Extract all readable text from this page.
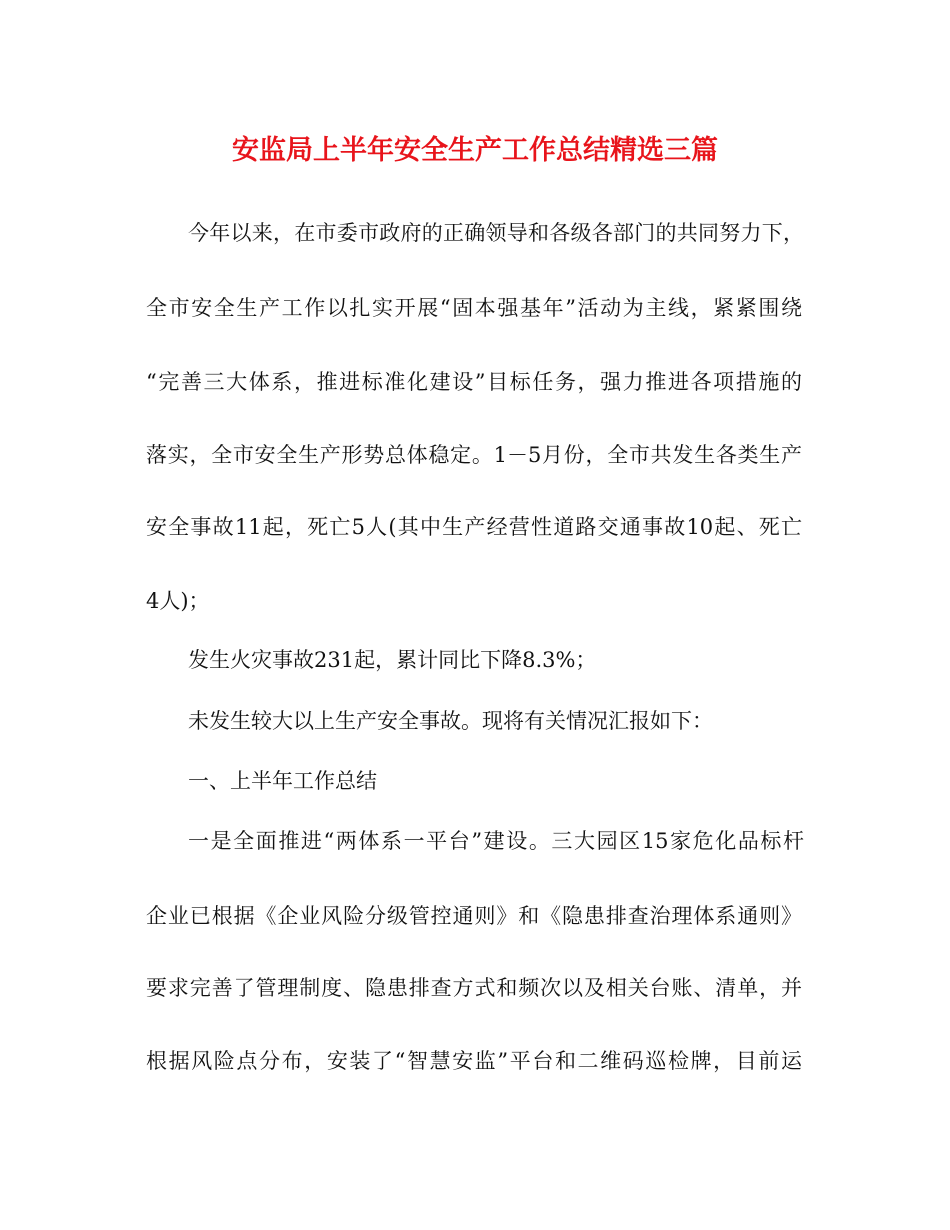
安监局上半年安全生产工作总结精选三篇
今年以来，在市委市政府的正确领导和各级各部门的共同努力下，
全市安全生产工作以扎实开展“固本强基年”活动为主线，紧紧围绕
“完善三大体系，推进标准化建设”目标任务，强力推进各项措施的
落实，全市安全生产形势总体稳定。1－5月份，全市共发生各类生产
安全事故11起，死亡5人(其中生产经营性道路交通事故10起、死亡
4人)；
发生火灾事故231起，累计同比下降8.3%；
未发生较大以上生产安全事故。现将有关情况汇报如下：
一、上半年工作总结
一是全面推进“两体系一平台”建设。三大园区15家危化品标杆
企业已根据《企业风险分级管控通则》和《隐患排查治理体系通则》
要求完善了管理制度、隐患排查方式和频次以及相关台账、清单，并
根据风险点分布，安装了“智慧安监”平台和二维码巡检牌，目前运
